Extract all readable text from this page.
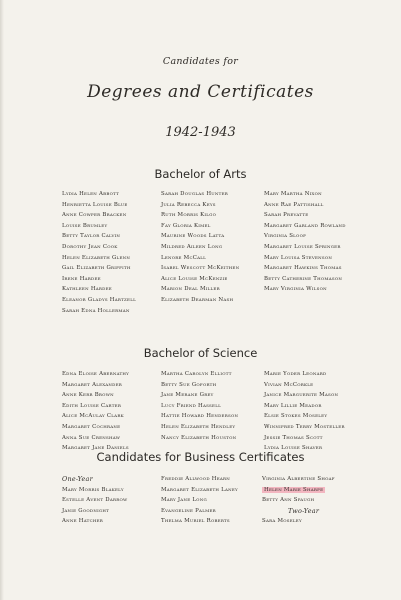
Candidates for
Degrees and Certificates
1942-1943
Bachelor of Arts
Lydia Helen Abbott
Henrietta Louise Blue
Anne Cowper Bracken
Louise Brumley
Betty Taylor Calvin
Dorothy Jean Cook
Helen Elizabeth Glenn
Gail Elizabeth Griffith
Irene Hardee
Kathleen Hardee
Eleanor Gladys Hartzell
Sarah Edna Hollerman
Sarah Douglas Hunter
Julia Rebecca Keys
Ruth Morris Kilgo
Fay Gloria Kimel
Maurine Woods Latta
Mildred Aileen Long
Lenore McCall
Isabel Wescott McKeithen
Alice Louise McKenzie
Marion Deal Miller
Elizabeth Dearman Nash
Mary Martha Nixon
Anne Rae Pattishall
Sarah Prevatte
Margaret Garland Rowland
Virginia Sloop
Margaret Louise Springer
Mary Louisa Stevenson
Margaret Hawkins Thomas
Betty Catherine Thomason
Mary Virginia Wilson
Bachelor of Science
Edna Eloise Abernathy
Margaret Alexander
Anne Kerr Brown
Edith Louise Carter
Alice McAulay Clark
Margaret Cochrane
Anna Sue Crenshaw
Margaret Jane Daniels
Martha Carolyn Elliott
Betty Sue Goforth
Jane Merane Grey
Lucy Friend Hassell
Hattie Howard Henderson
Helen Elizabeth Hendley
Nancy Elizabeth Houston
Marie Yoder Leonard
Vivian McCorkle
Janice Marguerite Mason
Mary Lillie Meador
Elsie Stokes Moseley
Winnifred Terry Mosteller
Jessie Thomas Scott
Lydia Louise Shaver
Candidates for Business Certificates
One-Year
Mary Morris Blakely
Estelle Avent Darrow
Janie Goodnight
Anne Hatcher
Freddie Allwood Hearn
Margaret Elizabeth Laney
Mary Jane Long
Evangeline Palmer
Thelma Muriel Roberts
Virginia Albertine Shoaf
Helen Marie Sharpe
Betty Ann Spaugh
Two-Year
Sara Moseley
